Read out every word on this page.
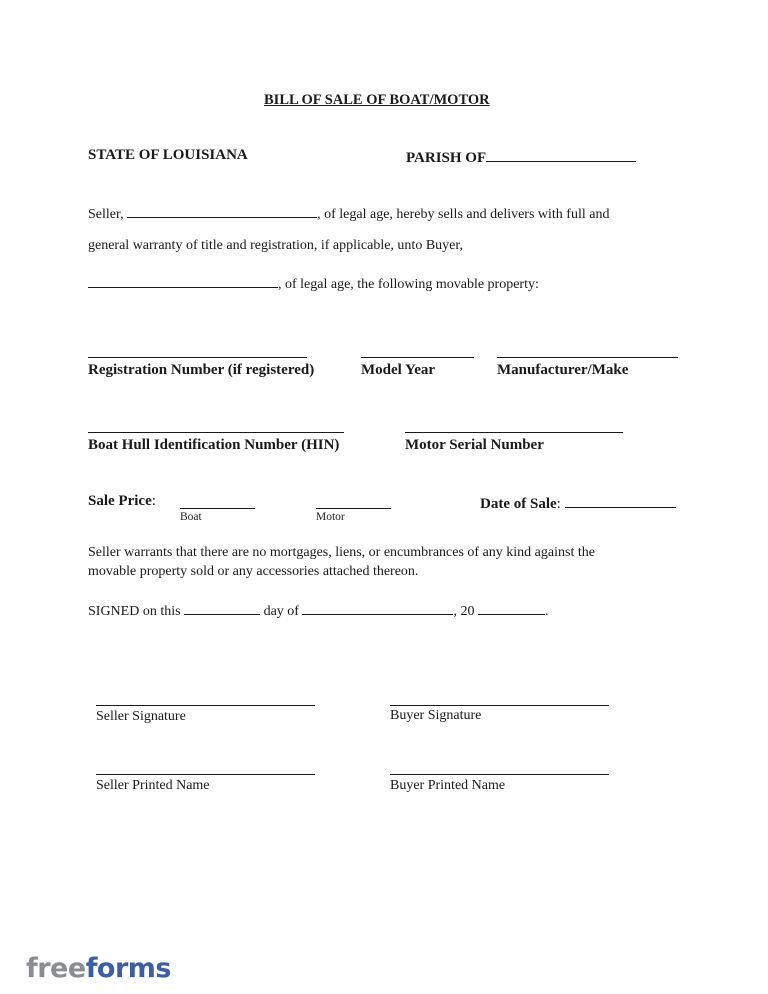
BILL OF SALE OF BOAT/MOTOR
STATE OF LOUISIANA	PARISH OF
Seller,	, of legal age, hereby sells and delivers with full and
general warranty of title and registration, if applicable, unto Buyer,
, of legal age, the following movable property:
Registration Number (if registered)	Model Year	Manufacturer/Make
Boat Hull Identification Number (HIN)	Motor Serial Number
Sale Price:
Boat	Motor
Date of Sale:
Seller warrants that there are no mortgages, liens, or encumbrances of any kind against the
movable property sold or any accessories attached thereon.
SIGNED on this	day of	, 20	.
Seller Signature	Buyer Signature
Seller Printed Name	Buyer Printed Name
freeforms
